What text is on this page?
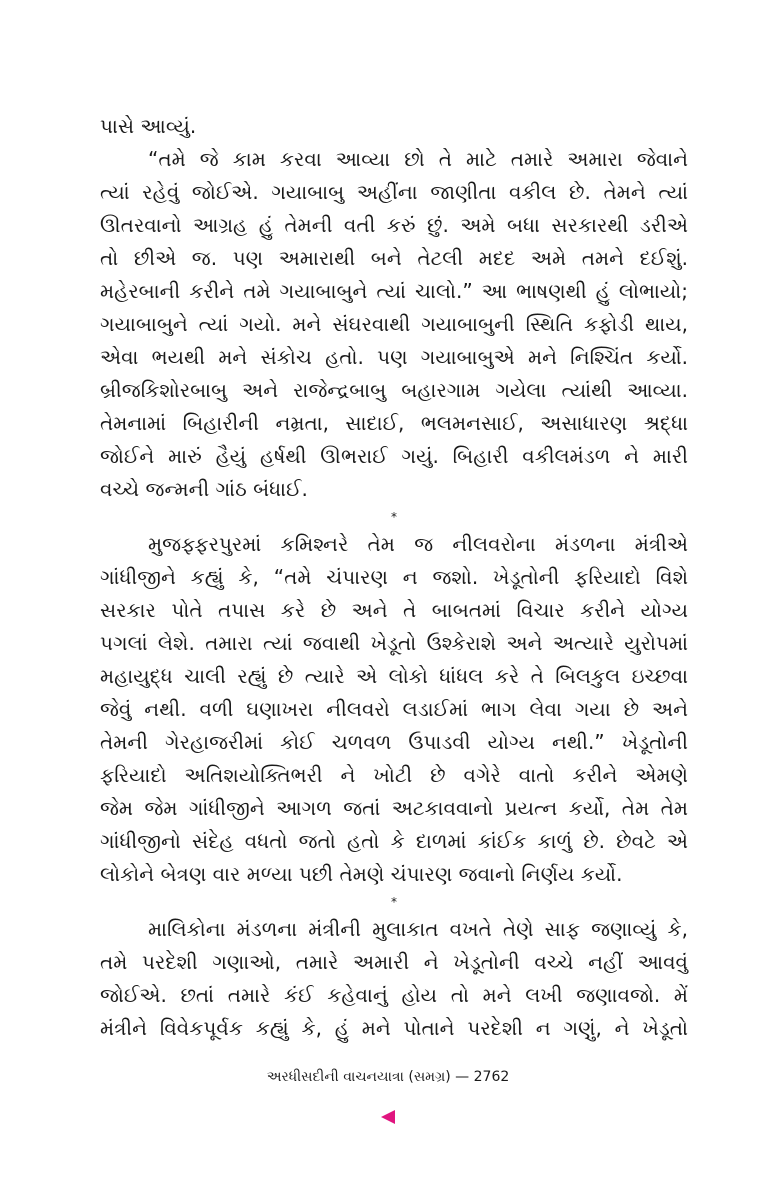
પાસે આવ્યું.
“તમે જે કામ કરવા આવ્યા છો તે માટે તમારે અમારા જેવાને
ત્યાં રહેવું જોઈએ. ગયાબાબુ અહીંના જાણીતા વકીલ છે. તેમને ત્યાં
ઊતરવાનો આગ્રહ હું તેમની વતી કરું છું. અમે બધા સરકારથી ડરીએ
તો છીએ જ. પણ અમારાથી બને તેટલી મદદ અમે તમને દઈશું.
મહેરબાની કરીને તમે ગયાબાબુને ત્યાં ચાલો.” આ ભાષણથી હું લોભાયો;
ગયાબાબુને ત્યાં ગયો. મને સંઘરવાથી ગયાબાબુની સ્થિતિ કફોડી થાય,
એવા ભયથી મને સંકોચ હતો. પણ ગયાબાબુએ મને નિશ્ચિંત કર્યો.
બ્રીજકિશોરબાબુ અને રાજેન્દ્રબાબુ બહારગામ ગયેલા ત્યાંથી આવ્યા.
તેમનામાં બિહારીની નમ્રતા, સાદાઈ, ભલમનસાઈ, અસાધારણ શ્રદ્ધા
જોઈને મારું હૈયું હર્ષથી ઊભરાઈ ગયું. બિહારી વકીલમંડળ ને મારી
વચ્ચે જન્મની ગાંઠ બંધાઈ.
*
મુજફ્ફરપુરમાં કમિશ્નરે તેમ જ નીલવરોના મંડળના મંત્રીએ
ગાંધીજીને કહ્યું કે, “તમે ચંપારણ ન જશો. ખેડૂતોની ફરિયાદો વિશે
સરકાર પોતે તપાસ કરે છે અને તે બાબતમાં વિચાર કરીને યોગ્ય
પગલાં લેશે. તમારા ત્યાં જવાથી ખેડૂતો ઉશ્કેરાશે અને અત્યારે યુરોપમાં
મહાયુદ્ધ ચાલી રહ્યું છે ત્યારે એ લોકો ધાંધલ કરે તે બિલકુલ ઇચ્છવા
જેવું નથી. વળી ઘણાખરા નીલવરો લડાઈમાં ભાગ લેવા ગયા છે અને
તેમની ગેરહાજરીમાં કોઈ ચળવળ ઉપાડવી યોગ્ય નથી.” ખેડૂતોની
ફરિયાદો અતિશયોક્તિભરી ને ખોટી છે વગેરે વાતો કરીને એમણે
જેમ જેમ ગાંધીજીને આગળ જતાં અટકાવવાનો પ્રયત્ન કર્યો, તેમ તેમ
ગાંધીજીનો સંદેહ વધતો જતો હતો કે દાળમાં કાંઈક કાળું છે. છેવટે એ
લોકોને બેત્રણ વાર મળ્યા પછી તેમણે ચંપારણ જવાનો નિર્ણય કર્યો.
*
માલિકોના મંડળના મંત્રીની મુલાકાત વખતે તેણે સાફ જણાવ્યું કે,
તમે પરદેશી ગણાઓ, તમારે અમારી ને ખેડૂતોની વચ્ચે નહીં આવવું
જોઈએ. છતાં તમારે કંઈ કહેવાનું હોય તો મને લખી જણાવજો. મેં
મંત્રીને વિવેકપૂર્વક કહ્યું કે, હું મને પોતાને પરદેશી ન ગણું, ને ખેડૂતો
અરધીસદીની વાચનયાત્રા (સમગ્ર) — 2762
